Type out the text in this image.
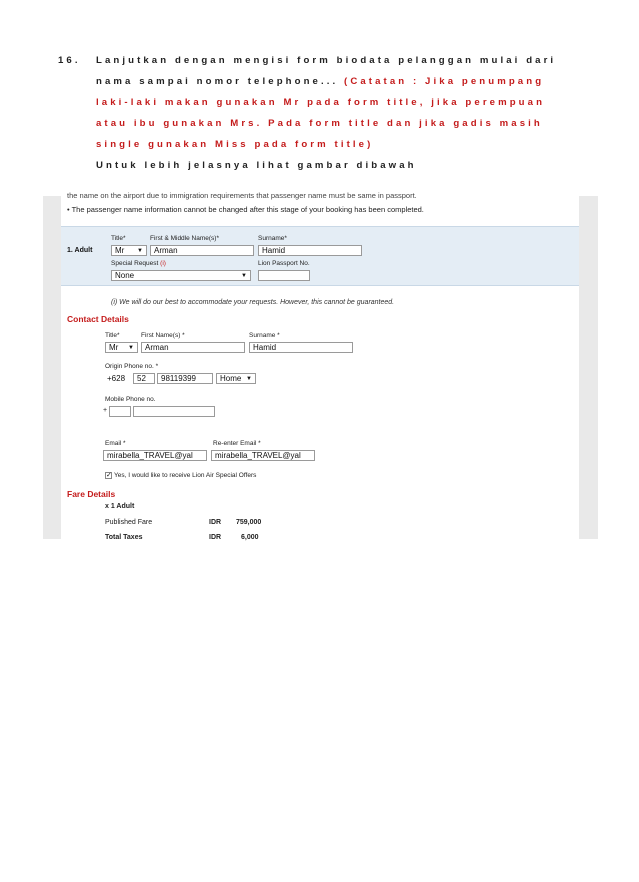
16. Lanjutkan dengan mengisi form biodata pelanggan mulai dari
nama sampai nomor telephone... (Catatan : Jika penumpang
laki-laki makan gunakan Mr pada form title, jika perempuan
atau ibu gunakan Mrs. Pada form title dan jika gadis masih
single gunakan Miss pada form title)
Untuk lebih jelasnya lihat gambar dibawah
the name on the airport due to immigration requirements that passenger name must be same in passport.
• The passenger name information cannot be changed after this stage of your booking has been completed.
1. Adult
Title*
Mr ▼
First & Middle Name(s)*
Arman
Surname*
Hamid
Special Request (i)
None	▼
Lion Passport No.
(i) We will do our best to accommodate your requests. However, this cannot be guaranteed.
Contact Details
Title*
Mr ▼
First Name(s) *
Arman
Surname *
Hamid
Origin Phone no. *
+628	52	98119399	Home ▼
Mobile Phone no.
+
Email *
mirabella_TRAVEL@yal
Re-enter Email *
mirabella_TRAVEL@yal
✓ Yes, I would like to receive Lion Air Special Offers
Fare Details
x 1 Adult
Published Fare	IDR 759,000
Total Taxes	IDR	6,000
